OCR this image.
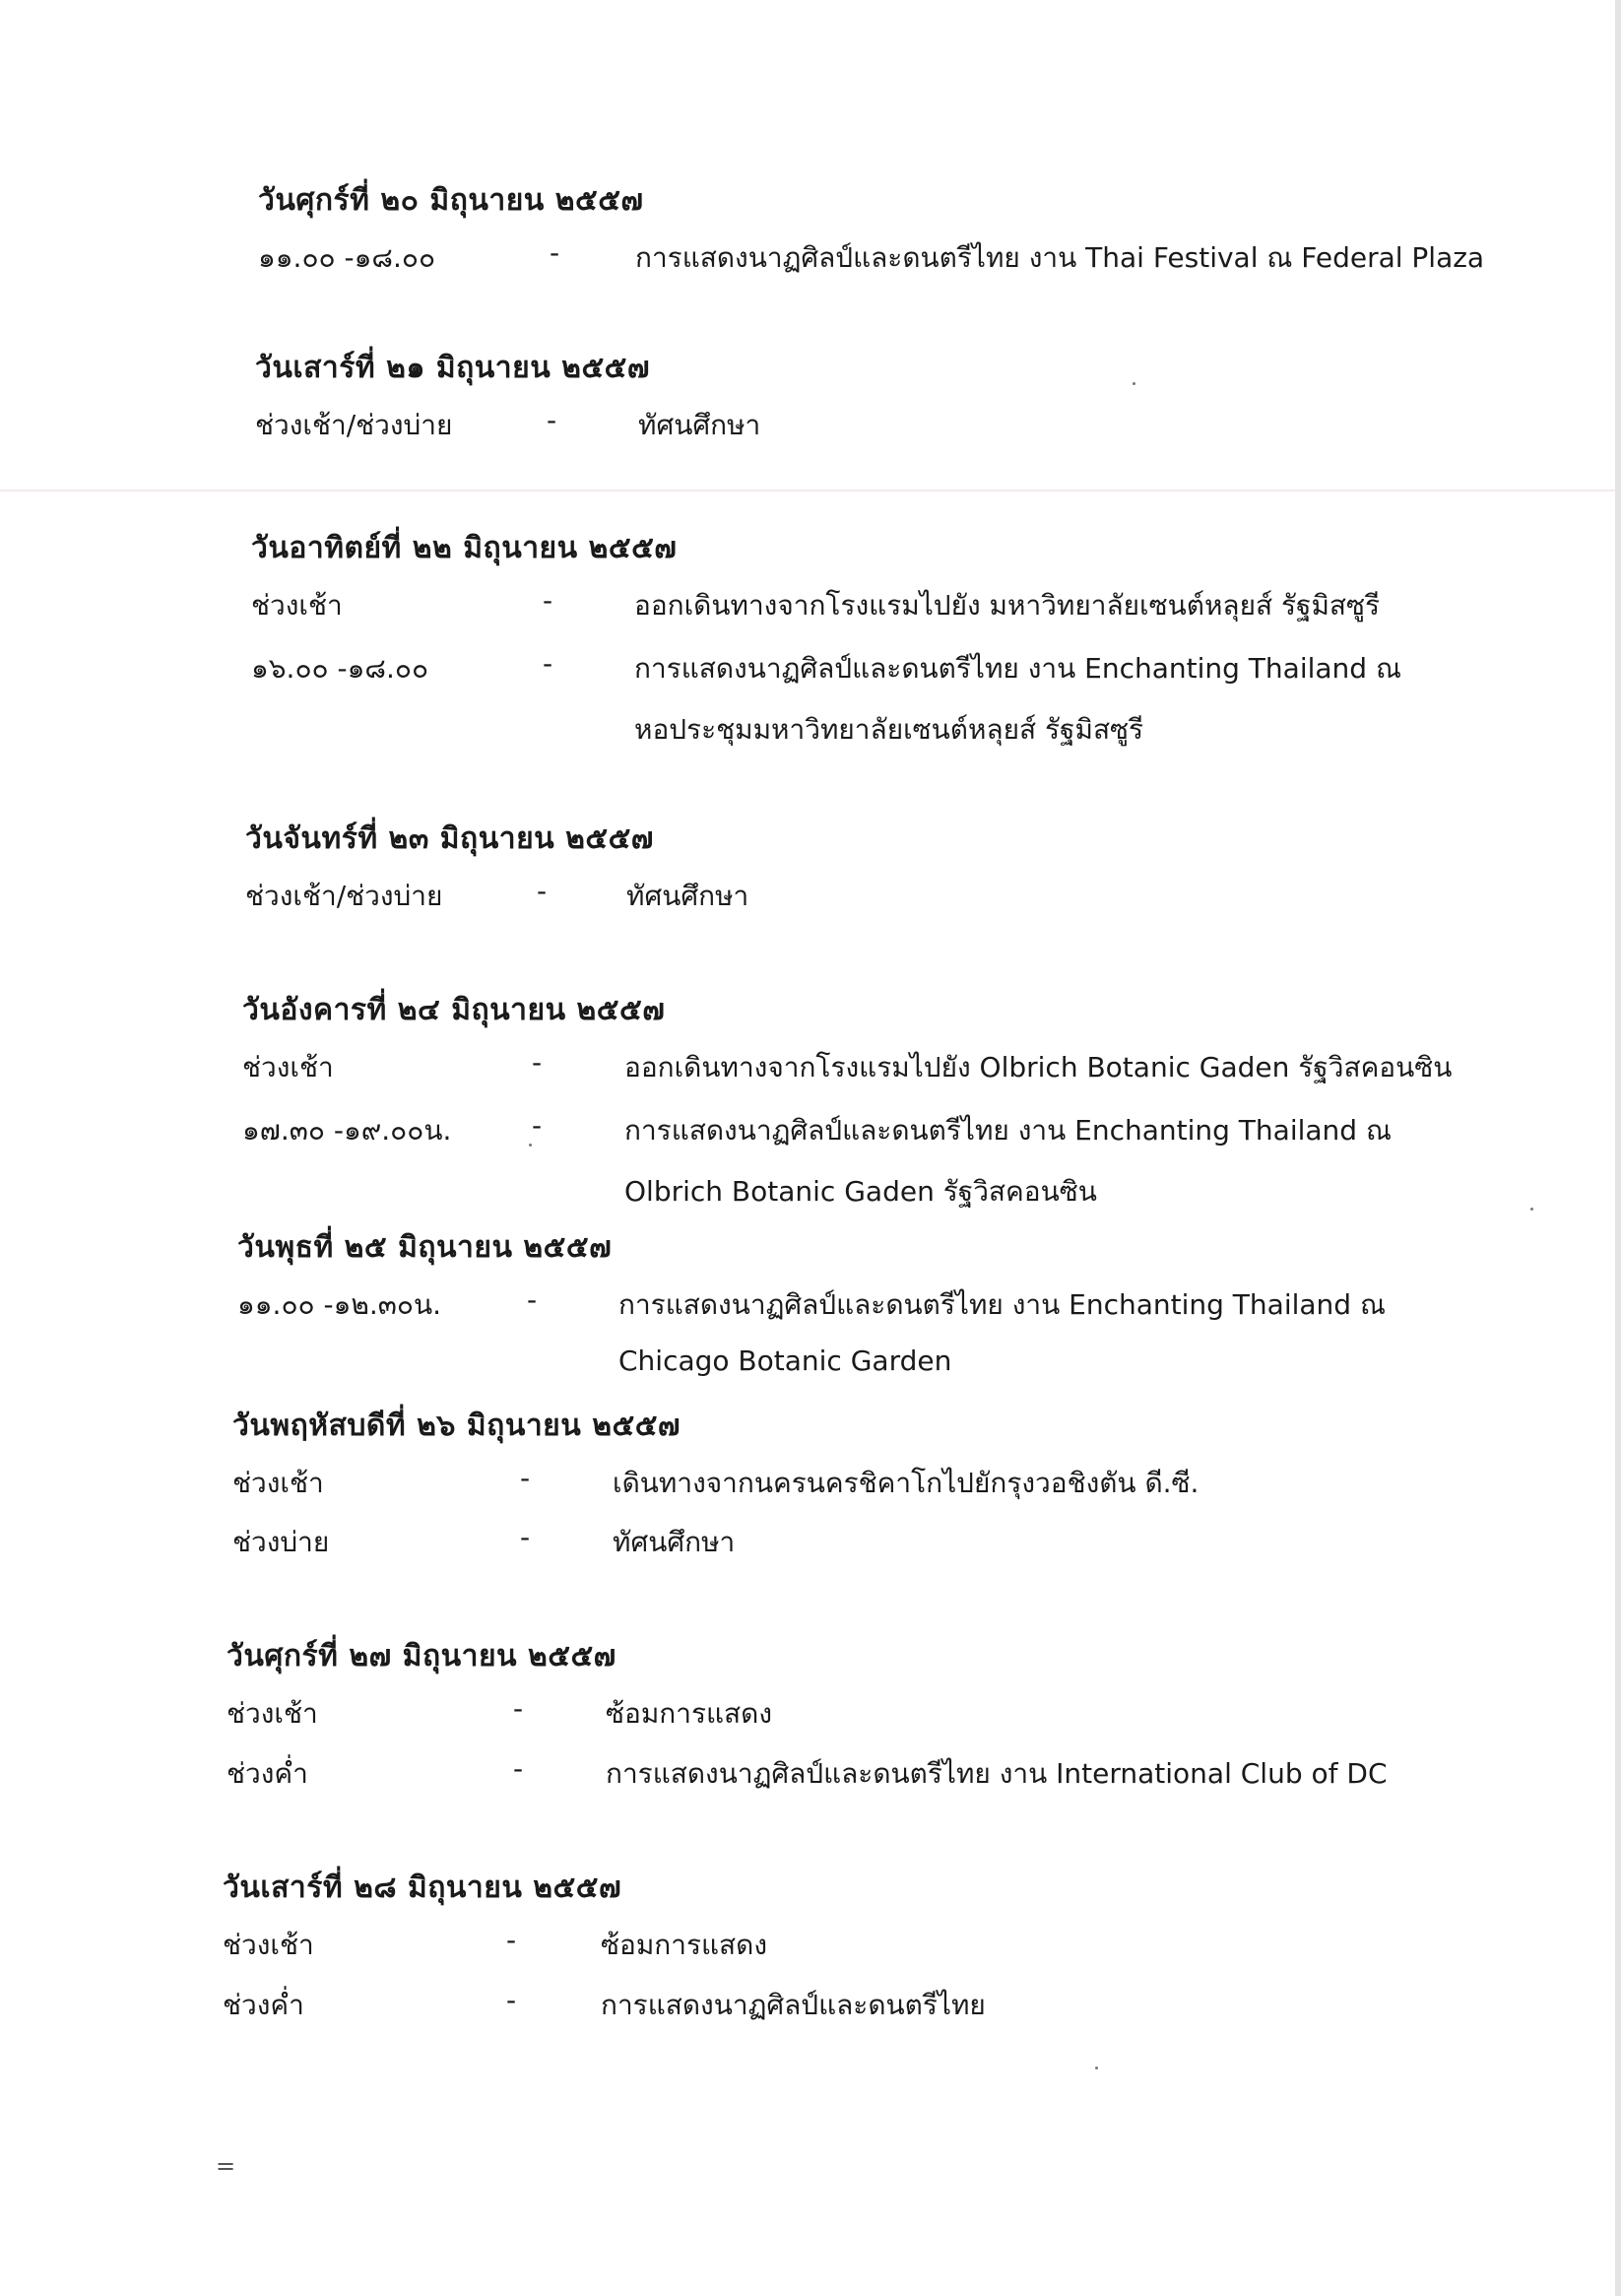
วันศุกร์ที่ ๒๐ มิถุนายน ๒๕๕๗
๑๑.๐๐ -๑๘.๐๐	-	การแสดงนาฏศิลป์และดนตรีไทย งาน Thai Festival ณ Federal Plaza
วันเสาร์ที่ ๒๑ มิถุนายน ๒๕๕๗
ช่วงเช้า/ช่วงบ่าย	-	ทัศนศึกษา
วันอาทิตย์ที่ ๒๒ มิถุนายน ๒๕๕๗
ช่วงเช้า	-	ออกเดินทางจากโรงแรมไปยัง มหาวิทยาลัยเซนต์หลุยส์ รัฐมิสซูรี
๑๖.๐๐ -๑๘.๐๐	-	การแสดงนาฏศิลป์และดนตรีไทย งาน Enchanting Thailand ณ
หอประชุมมหาวิทยาลัยเซนต์หลุยส์ รัฐมิสซูรี
วันจันทร์ที่ ๒๓ มิถุนายน ๒๕๕๗
ช่วงเช้า/ช่วงบ่าย	-	ทัศนศึกษา
วันอังคารที่ ๒๔ มิถุนายน ๒๕๕๗
ช่วงเช้า	-	ออกเดินทางจากโรงแรมไปยัง Olbrich Botanic Gaden รัฐวิสคอนซิน
๑๗.๓๐ -๑๙.๐๐น.	-	การแสดงนาฏศิลป์และดนตรีไทย งาน Enchanting Thailand ณ
Olbrich Botanic Gaden รัฐวิสคอนซิน
วันพุธที่ ๒๕ มิถุนายน ๒๕๕๗
๑๑.๐๐ -๑๒.๓๐น.	-	การแสดงนาฏศิลป์และดนตรีไทย งาน Enchanting Thailand ณ
Chicago Botanic Garden
วันพฤหัสบดีที่ ๒๖ มิถุนายน ๒๕๕๗
ช่วงเช้า	-	เดินทางจากนครนครชิคาโกไปยักรุงวอชิงตัน ดี.ซี.
ช่วงบ่าย	-	ทัศนศึกษา
วันศุกร์ที่ ๒๗ มิถุนายน ๒๕๕๗
ช่วงเช้า	-	ซ้อมการแสดง
ช่วงค่ำ	-	การแสดงนาฏศิลป์และดนตรีไทย งาน International Club of DC
วันเสาร์ที่ ๒๘ มิถุนายน ๒๕๕๗
ช่วงเช้า	-	ซ้อมการแสดง
ช่วงค่ำ	-	การแสดงนาฏศิลป์และดนตรีไทย
=
